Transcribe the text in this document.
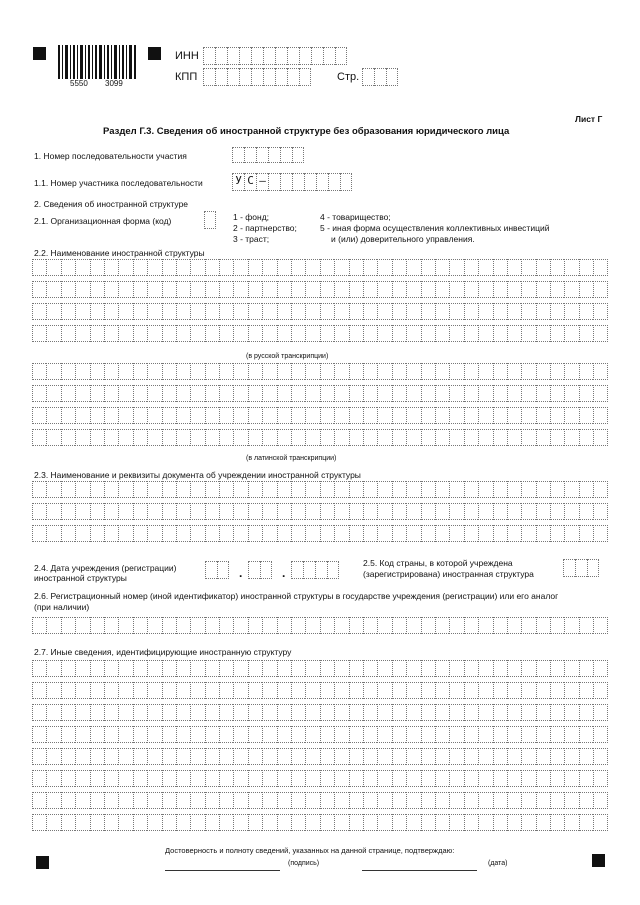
5550 3099
ИНН
КПП	Стр.
Лист Г
Раздел Г.3. Сведения об иностранной структуре без образования юридического лица
1. Номер последовательности участия
1.1. Номер участника последовательности	У С –
2. Сведения об иностранной структуре
2.1. Организационная форма (код)	1 - фонд;
2 - партнерство;
3 - траст;
4 - товарищество;
5 - иная форма осуществления коллективных инвестиций
и (или) доверительного управления.
2.2. Наименование иностранной структуры
(в русской транскрипции)
(в латинской транскрипции)
2.3. Наименование и реквизиты документа об учреждении иностранной структуры
2.4. Дата учреждения (регистрации)
иностранной структуры	.	.
2.5. Код страны, в которой учреждена
(зарегистрирована) иностранная структура
2.6. Регистрационный номер (иной идентификатор) иностранной структуры в государстве учреждения (регистрации) или его аналог
(при наличии)
2.7. Иные сведения, идентифицирующие иностранную структуру
Достоверность и полноту сведений, указанных на данной странице, подтверждаю:
(подпись)	(дата)
